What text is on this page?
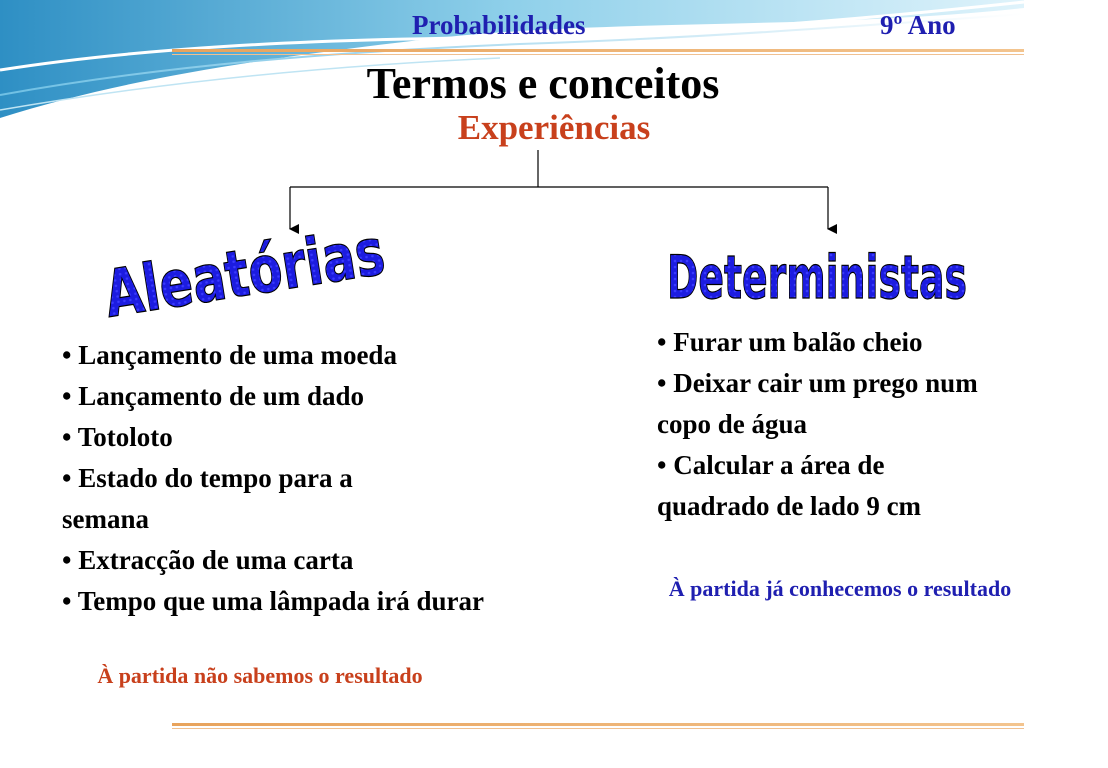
Probabilidades	9º Ano
Termos e conceitos
Experiências
Aleatórias Deterministas
• Lançamento de uma moeda
• Lançamento de um dado
• Totoloto
• Estado do tempo para a semana
• Extracção de uma carta
• Tempo que uma lâmpada irá durar
• Furar um balão cheio
• Deixar cair um prego num copo de água
• Calcular a área de quadrado de lado 9 cm
À partida não sabemos o resultado
À partida já conhecemos o resultado
